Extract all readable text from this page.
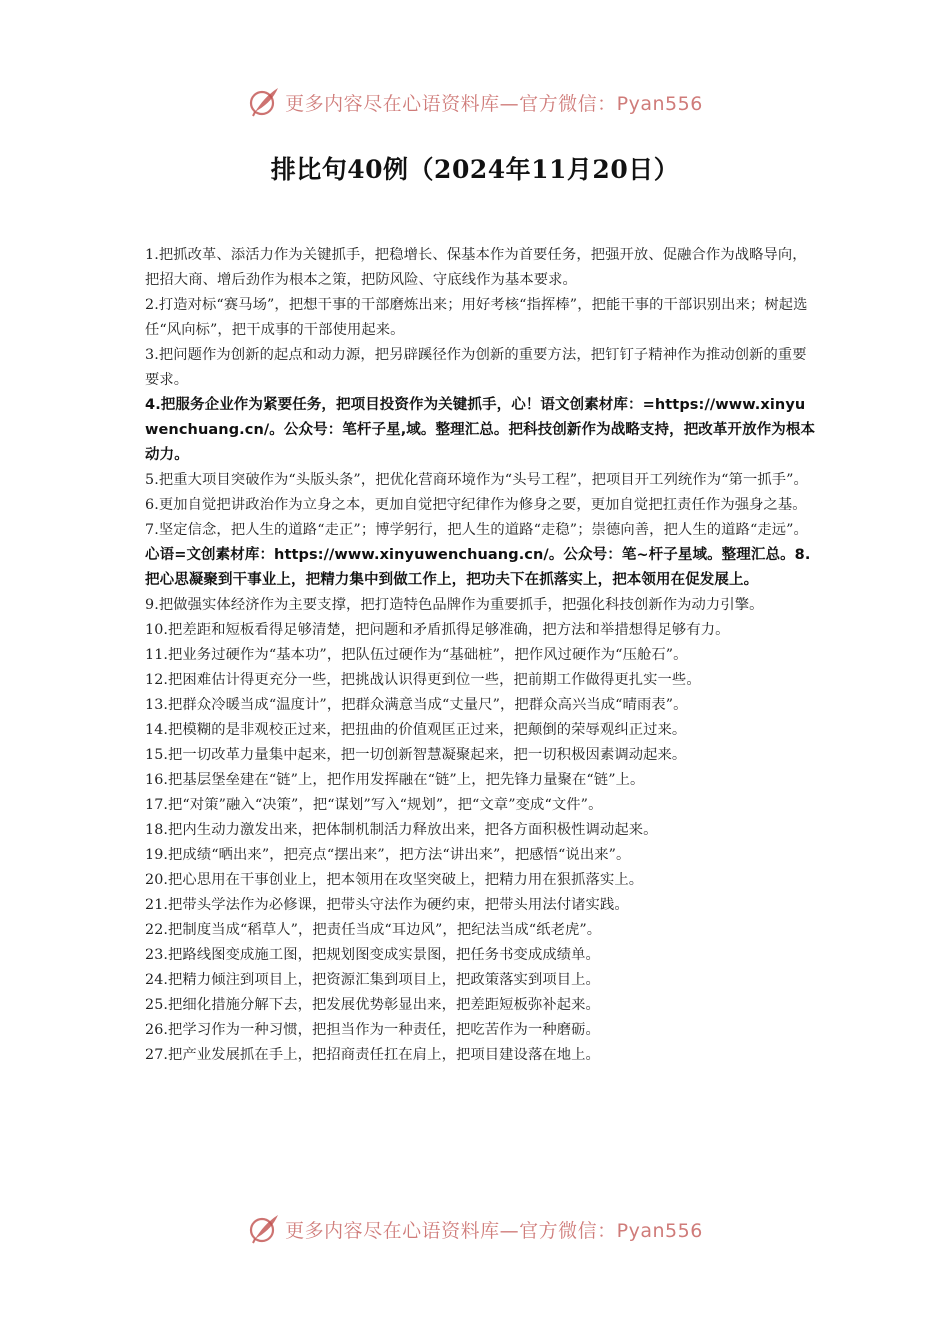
更多内容尽在心语资料库—官方微信：Pyan556
排比句40例（2024年11月20日）

1.把抓改革、添活力作为关键抓手，把稳增长、保基本作为首要任务，把强开放、促融合作为战略导向，把招大商、增后劲作为根本之策，把防风险、守底线作为基本要求。

2.打造对标“赛马场”，把想干事的干部磨炼出来；用好考核“指挥棒”，把能干事的干部识别出来；树起选任“风向标”，把干成事的干部使用起来。

3.把问题作为创新的起点和动力源，把另辟蹊径作为创新的重要方法，把钉钉子精神作为推动创新的重要要求。

4.把服务企业作为紧要任务，把项目投资作为关键抓手，心！语文创素材库：=https://www.xinyuwenchuang.cn/。公众号：笔杆子星,域。整理汇总。把科技创新作为战略支持，把改革开放作为根本动力。

5.把重大项目突破作为“头版头条”，把优化营商环境作为“头号工程”，把项目开工列统作为“第一抓手”。

6.更加自觉把讲政治作为立身之本，更加自觉把守纪律作为修身之要，更加自觉把扛责任作为强身之基。

7.坚定信念，把人生的道路“走正”；博学躬行，把人生的道路“走稳”；崇德向善，把人生的道路“走远”。

心语=文创素材库：https://www.xinyuwenchuang.cn/。公众号：笔~杆子星域。整理汇总。8.把心思凝聚到干事业上，把精力集中到做工作上，把功夫下在抓落实上，把本领用在促发展上。

9.把做强实体经济作为主要支撑，把打造特色品牌作为重要抓手，把强化科技创新作为动力引擎。

10.把差距和短板看得足够清楚，把问题和矛盾抓得足够准确，把方法和举措想得足够有力。

11.把业务过硬作为“基本功”，把队伍过硬作为“基础桩”，把作风过硬作为“压舱石”。

12.把困难估计得更充分一些，把挑战认识得更到位一些，把前期工作做得更扎实一些。

13.把群众冷暖当成“温度计”，把群众满意当成“丈量尺”，把群众高兴当成“晴雨表”。

14.把模糊的是非观校正过来，把扭曲的价值观匡正过来，把颠倒的荣辱观纠正过来。

15.把一切改革力量集中起来，把一切创新智慧凝聚起来，把一切积极因素调动起来。

16.把基层堡垒建在“链”上，把作用发挥融在“链”上，把先锋力量聚在“链”上。

17.把“对策”融入“决策”，把“谋划”写入“规划”，把“文章”变成“文件”。

18.把内生动力激发出来，把体制机制活力释放出来，把各方面积极性调动起来。

19.把成绩“晒出来”，把亮点“摆出来”，把方法“讲出来”，把感悟“说出来”。

20.把心思用在干事创业上，把本领用在攻坚突破上，把精力用在狠抓落实上。

21.把带头学法作为必修课，把带头守法作为硬约束，把带头用法付诸实践。

22.把制度当成“稻草人”，把责任当成“耳边风”，把纪法当成“纸老虎”。

23.把路线图变成施工图，把规划图变成实景图，把任务书变成成绩单。

24.把精力倾注到项目上，把资源汇集到项目上，把政策落实到项目上。

25.把细化措施分解下去，把发展优势彰显出来，把差距短板弥补起来。

26.把学习作为一种习惯，把担当作为一种责任，把吃苦作为一种磨砺。

27.把产业发展抓在手上，把招商责任扛在肩上，把项目建设落在地上。

更多内容尽在心语资料库—官方微信：Pyan556
